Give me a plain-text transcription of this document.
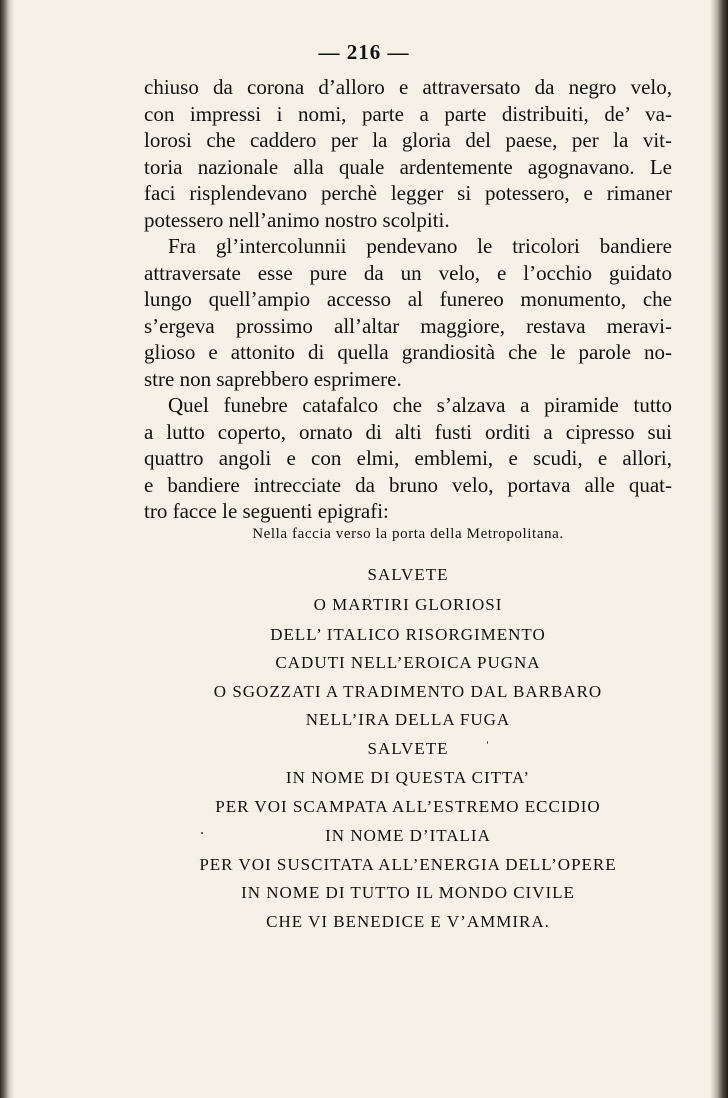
— 216 —
chiuso da corona d’alloro e attraversato da negro velo,
con impressi i nomi, parte a parte distribuiti, de’ va-
lorosi che caddero per la gloria del paese, per la vit-
toria nazionale alla quale ardentemente agognavano. Le
faci risplendevano perchè legger si potessero, e rimaner
potessero nell’animo nostro scolpiti.
Fra gl’intercolunnii pendevano le tricolori bandiere
attraversate esse pure da un velo, e l’occhio guidato
lungo quell’ampio accesso al funereo monumento, che
s’ergeva prossimo all’altar maggiore, restava meravi-
glioso e attonito di quella grandiosità che le parole no-
stre non saprebbero esprimere.
Quel funebre catafalco che s’alzava a piramide tutto
a lutto coperto, ornato di alti fusti orditi a cipresso sui
quattro angoli e con elmi, emblemi, e scudi, e allori,
e bandiere intrecciate da bruno velo, portava alle quat-
tro facce le seguenti epigrafi:
Nella faccia verso la porta della Metropolitana.
SALVETE
O MARTIRI GLORIOSI
DELL’ ITALICO RISORGIMENTO
CADUTI NELL’EROICA PUGNA
O SGOZZATI A TRADIMENTO DAL BARBARO
NELL’IRA DELLA FUGA
SALVETE
IN NOME DI QUESTA CITTA’
PER VOI SCAMPATA ALL’ESTREMO ECCIDIO
IN NOME D’ITALIA
PER VOI SUSCITATA ALL’ENERGIA DELL’OPERE
IN NOME DI TUTTO IL MONDO CIVILE
CHE VI BENEDICE E V’AMMIRA.
